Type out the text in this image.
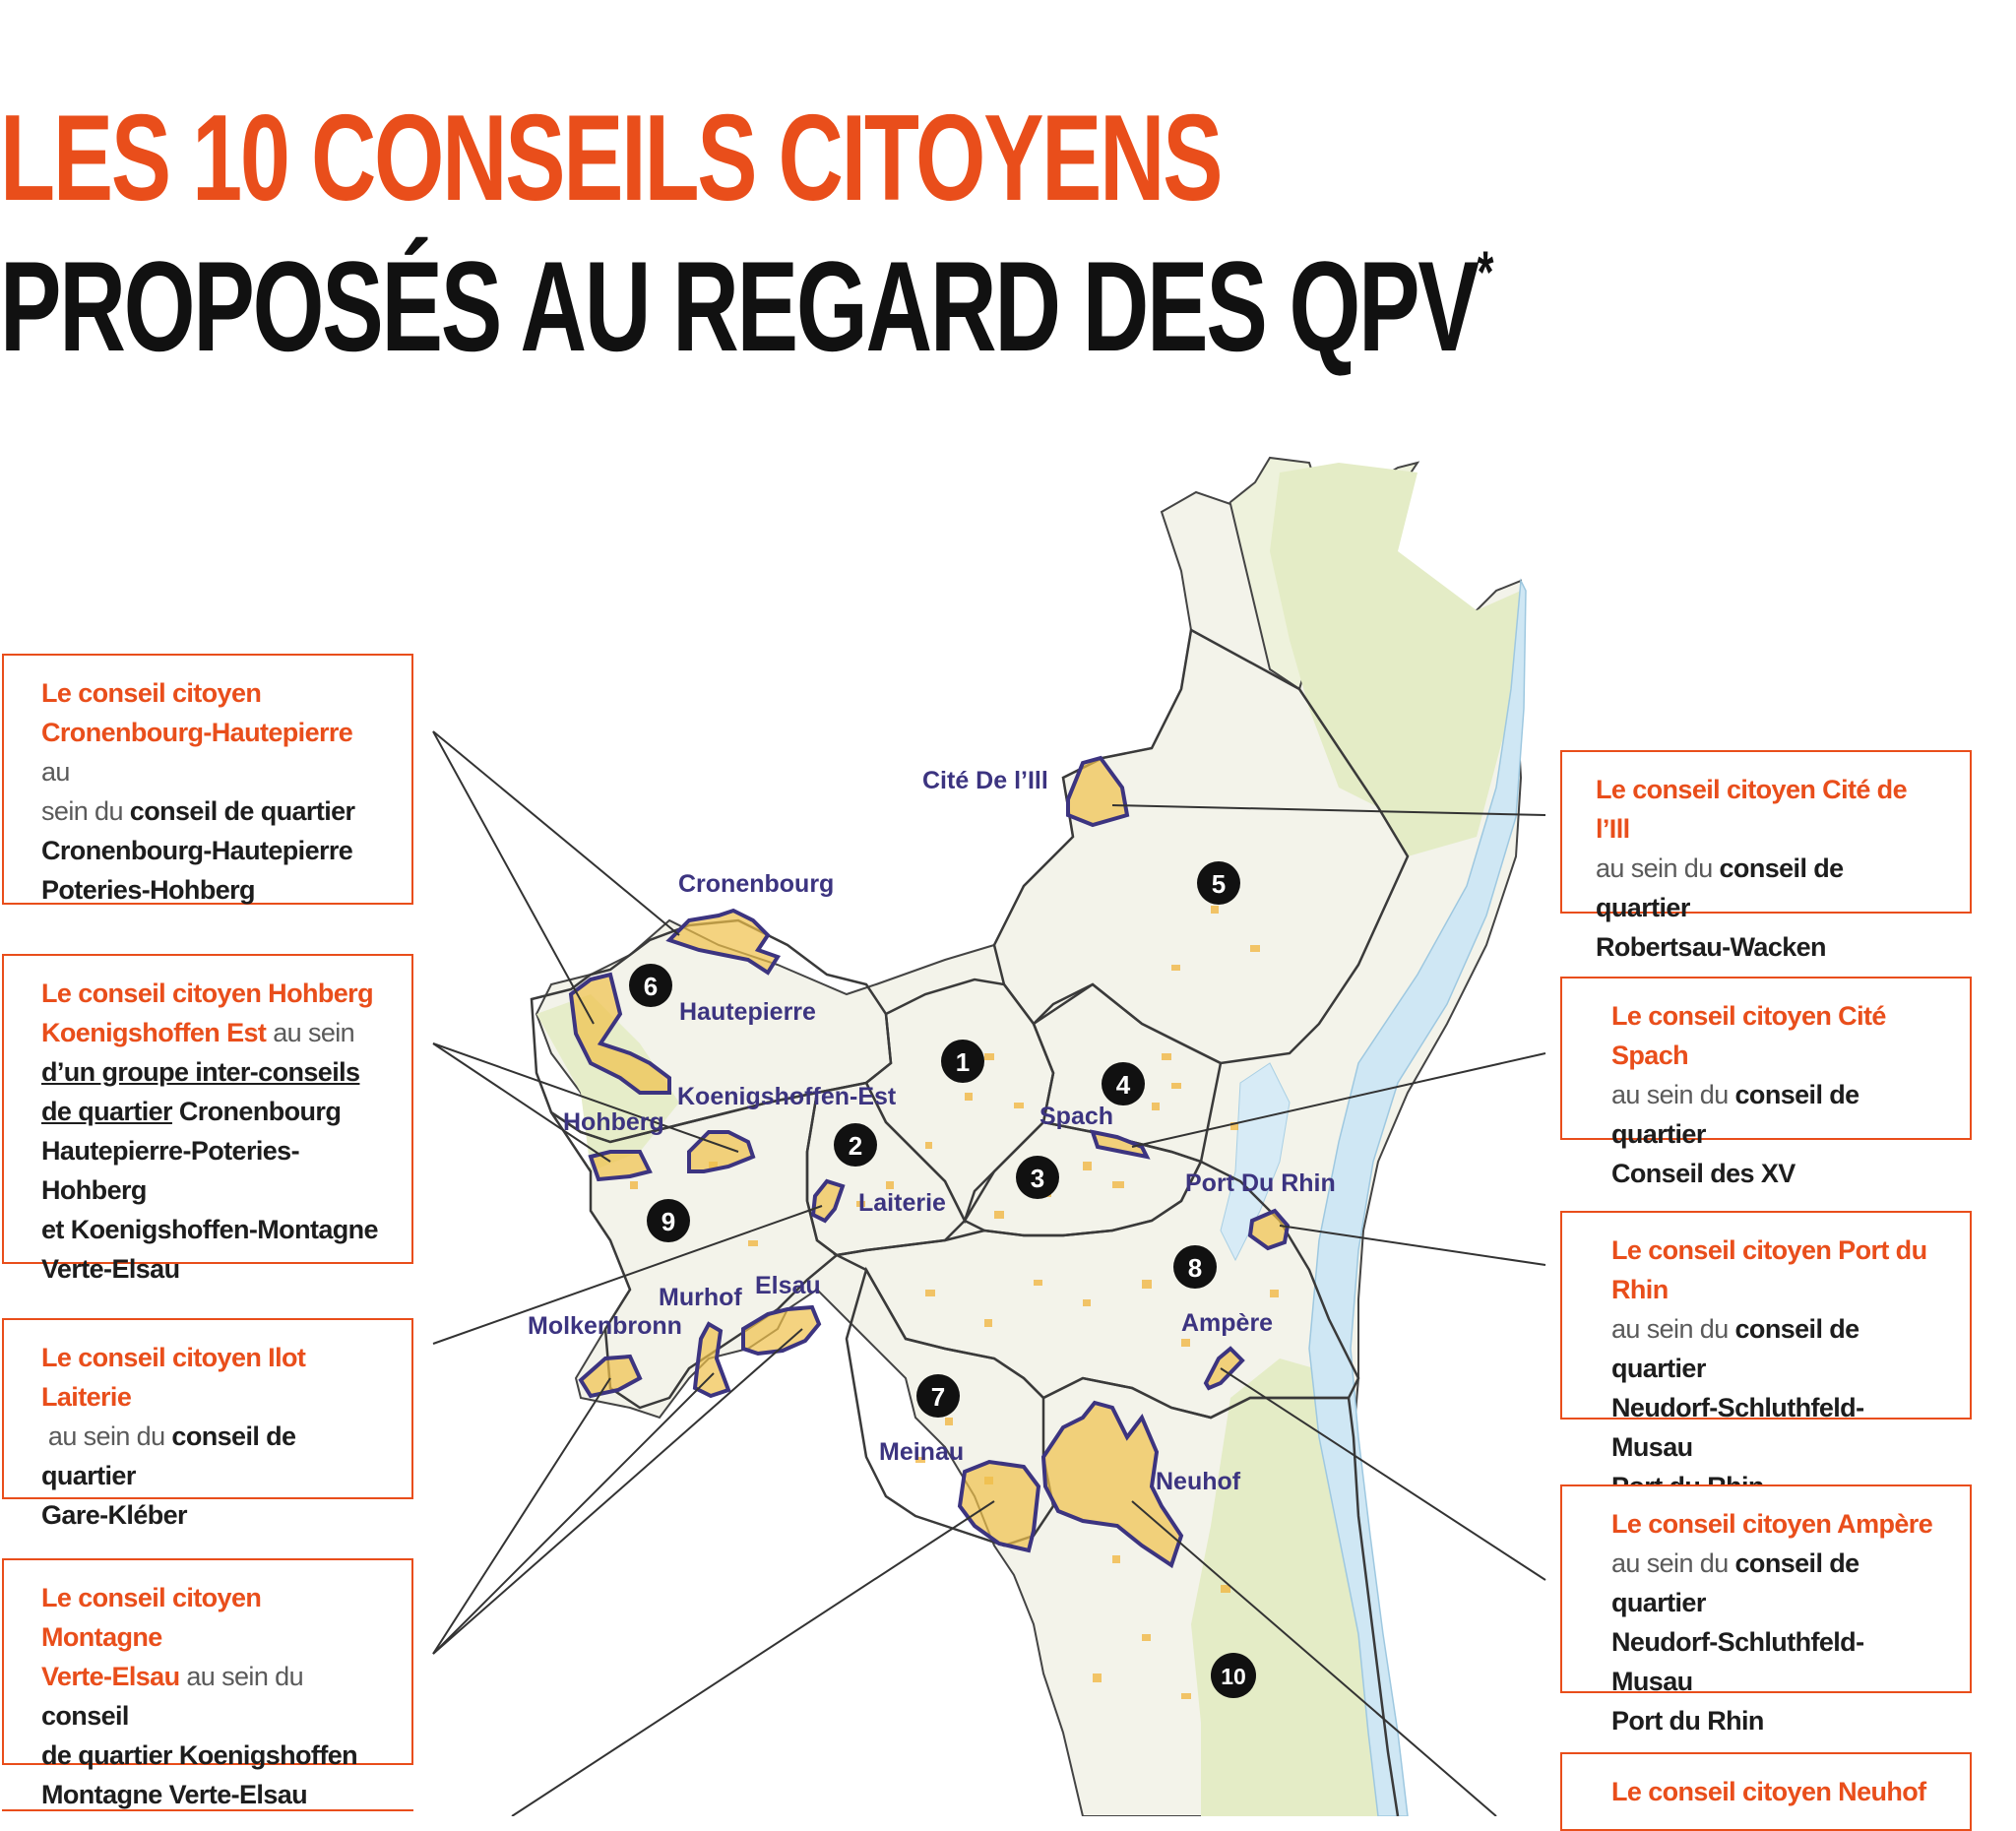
LES 10 CONSEILS CITOYENS
PROPOSÉS AU REGARD DES QPV*
1
2
3
4
5
6
7
8
9
10
Cité De l’Ill
Cronenbourg
Hautepierre
Koenigshoffen-Est
Hohberg	Spach
Port Du Rhin
Laiterie
Murhof Elsau
Molkenbronn	Ampère
Meinau
Neuhof
Le conseil citoyen
Cronenbourg-Hautepierre au
sein du conseil de quartier
Cronenbourg-Hautepierre
Poteries-Hohberg
Le conseil citoyen Hohberg
Koenigshoffen Est au sein
d’un groupe inter-conseils
de quartier Cronenbourg
Hautepierre-Poteries-Hohberg
et Koenigshoffen-Montagne
Verte-Elsau
Le conseil citoyen Ilot Laiterie
au sein du conseil de quartier
Gare-Kléber
Le conseil citoyen Montagne
Verte-Elsau au sein du conseil
de quartier Koenigshoffen
Montagne Verte-Elsau
Le conseil citoyen Cité de l’Ill
au sein du conseil de quartier
Robertsau-Wacken
Le conseil citoyen Cité Spach
au sein du conseil de quartier
Conseil des XV
Le conseil citoyen Port du Rhin
au sein du conseil de quartier
Neudorf-Schluthfeld-Musau

Le conseil citoyen Ampère
au sein du conseil de quartier
Neudorf-Schluthfeld-Musau
Port du Rhin
Le conseil citoyen Neuhof
